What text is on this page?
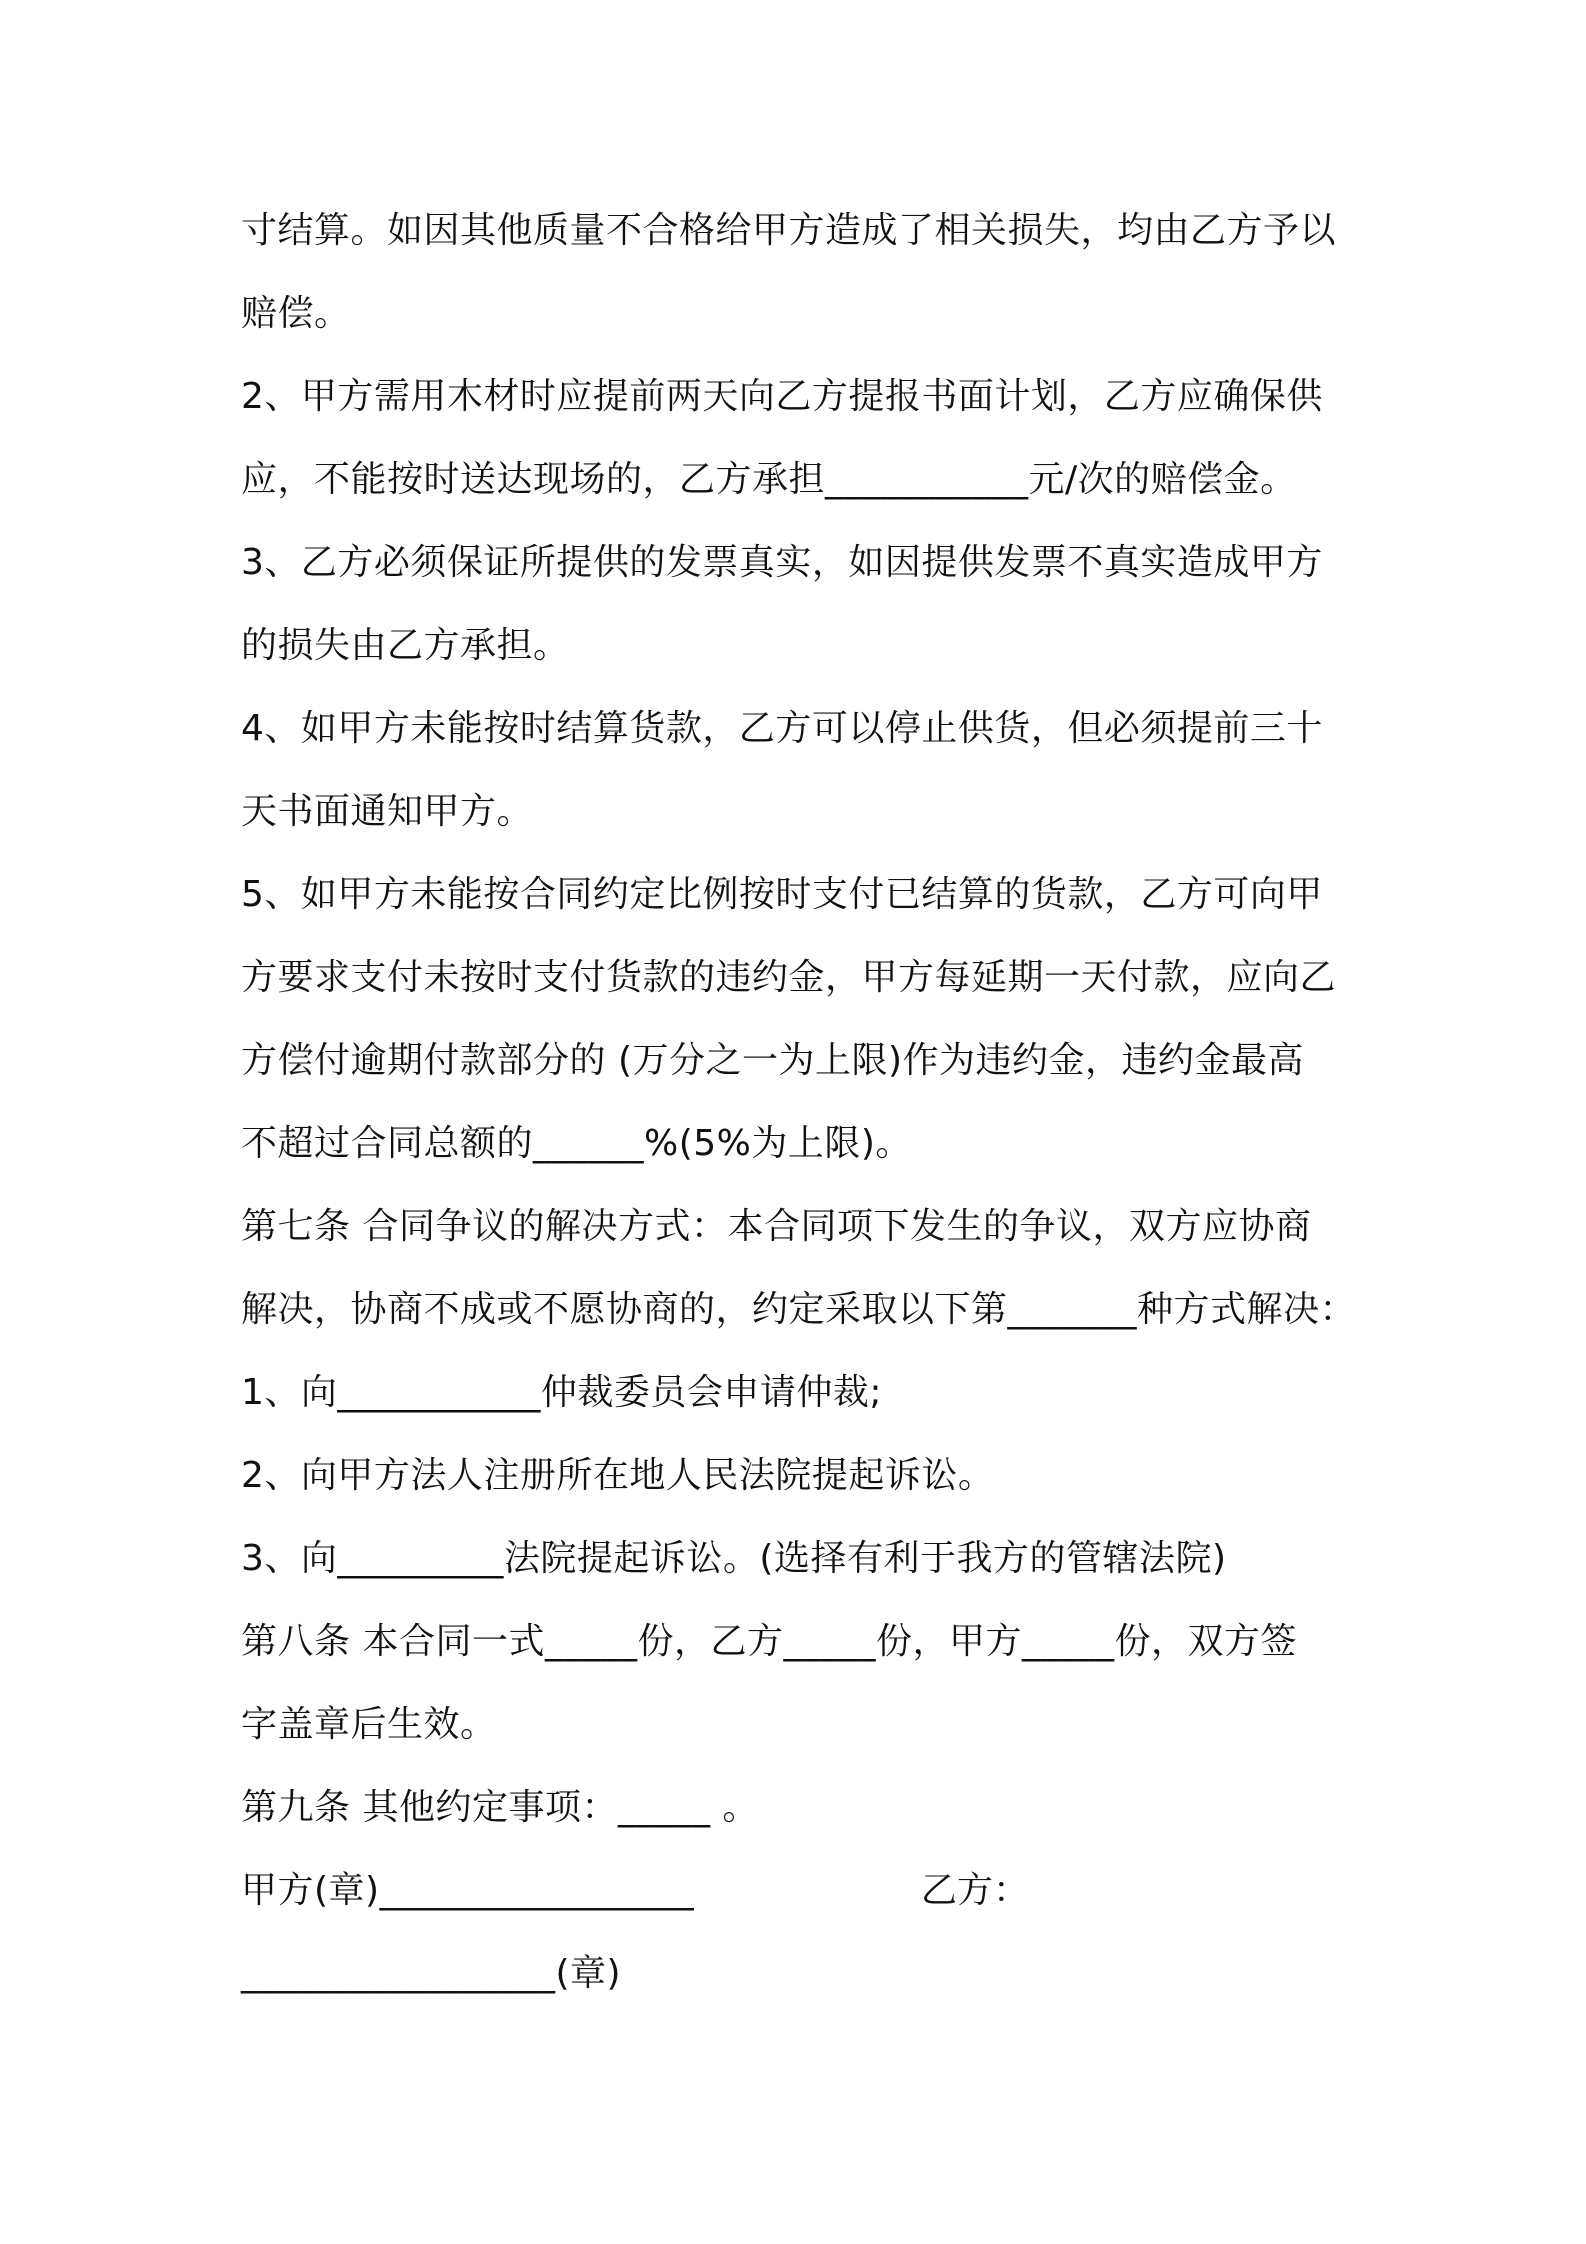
寸结算。如因其他质量不合格给甲方造成了相关损失，均由乙方予以
赔偿。
2、甲方需用木材时应提前两天向乙方提报书面计划，乙方应确保供
应，不能按时送达现场的，乙方承担___________元/次的赔偿金。
3、乙方必须保证所提供的发票真实，如因提供发票不真实造成甲方
的损失由乙方承担。
4、如甲方未能按时结算货款，乙方可以停止供货，但必须提前三十
天书面通知甲方。
5、如甲方未能按合同约定比例按时支付已结算的货款，乙方可向甲
方要求支付未按时支付货款的违约金，甲方每延期一天付款，应向乙
方偿付逾期付款部分的 (万分之一为上限)作为违约金，违约金最高
不超过合同总额的______%(5%为上限)。
第七条 合同争议的解决方式：本合同项下发生的争议，双方应协商
解决，协商不成或不愿协商的，约定采取以下第_______种方式解决：
1、向___________仲裁委员会申请仲裁;
2、向甲方法人注册所在地人民法院提起诉讼。
3、向_________法院提起诉讼。(选择有利于我方的管辖法院)
第八条 本合同一式_____份，乙方_____份，甲方_____份，双方签
字盖章后生效。
第九条 其他约定事项：_____ 。
甲方(章)_________________	乙方：
_________________(章)
